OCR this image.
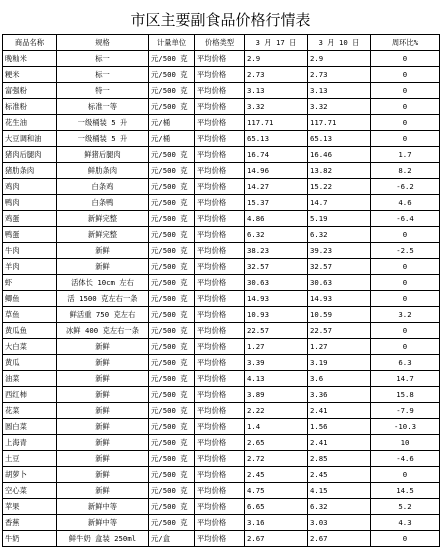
市区主要副食品价格行情表
商品名称	规格	计量单位	价格类型	3 月 17 日	3 月 10 日	周环比%
晚籼米	标一	元/500 克	平均价格	2.9	2.9	0
粳米	标一	元/500 克	平均价格	2.73	2.73	0
富强粉	特一	元/500 克	平均价格	3.13	3.13	0
标准粉	标准一等	元/500 克	平均价格	3.32	3.32	0
花生油	一级桶装 5 升	元/桶	平均价格	117.71	117.71	0
大豆调和油	一级桶装 5 升	元/桶	平均价格	65.13	65.13	0
猪肉后腿肉	鲜猪后腿肉	元/500 克	平均价格	16.74	16.46	1.7
猪肋条肉	鲜肋条肉	元/500 克	平均价格	14.96	13.82	8.2
鸡肉	白条鸡	元/500 克	平均价格	14.27	15.22	-6.2
鸭肉	白条鸭	元/500 克	平均价格	15.37	14.7	4.6
鸡蛋	新鲜完整	元/500 克	平均价格	4.86	5.19	-6.4
鸭蛋	新鲜完整	元/500 克	平均价格	6.32	6.32	0
牛肉	新鲜	元/500 克	平均价格	38.23	39.23	-2.5
羊肉	新鲜	元/500 克	平均价格	32.57	32.57	0
虾	活体长 10cm 左右	元/500 克	平均价格	30.63	30.63	0
鲫鱼	活 1500 克左右一条	元/500 克	平均价格	14.93	14.93	0
草鱼	鲜活重 750 克左右	元/500 克	平均价格	10.93	10.59	3.2
黄瓜鱼	冰鲜 400 克左右一条	元/500 克	平均价格	22.57	22.57	0
大白菜	新鲜	元/500 克	平均价格	1.27	1.27	0
黄瓜	新鲜	元/500 克	平均价格	3.39	3.19	6.3
油菜	新鲜	元/500 克	平均价格	4.13	3.6	14.7
西红柿	新鲜	元/500 克	平均价格	3.89	3.36	15.8
花菜	新鲜	元/500 克	平均价格	2.22	2.41	-7.9
圆白菜	新鲜	元/500 克	平均价格	1.4	1.56	-10.3
上海青	新鲜	元/500 克	平均价格	2.65	2.41	10
土豆	新鲜	元/500 克	平均价格	2.72	2.85	-4.6
胡萝卜	新鲜	元/500 克	平均价格	2.45	2.45	0
空心菜	新鲜	元/500 克	平均价格	4.75	4.15	14.5
苹果	新鲜中等	元/500 克	平均价格	6.65	6.32	5.2
香蕉	新鲜中等	元/500 克	平均价格	3.16	3.03	4.3
牛奶	鲜牛奶 盒装 250ml	元/盒	平均价格	2.67	2.67	0
